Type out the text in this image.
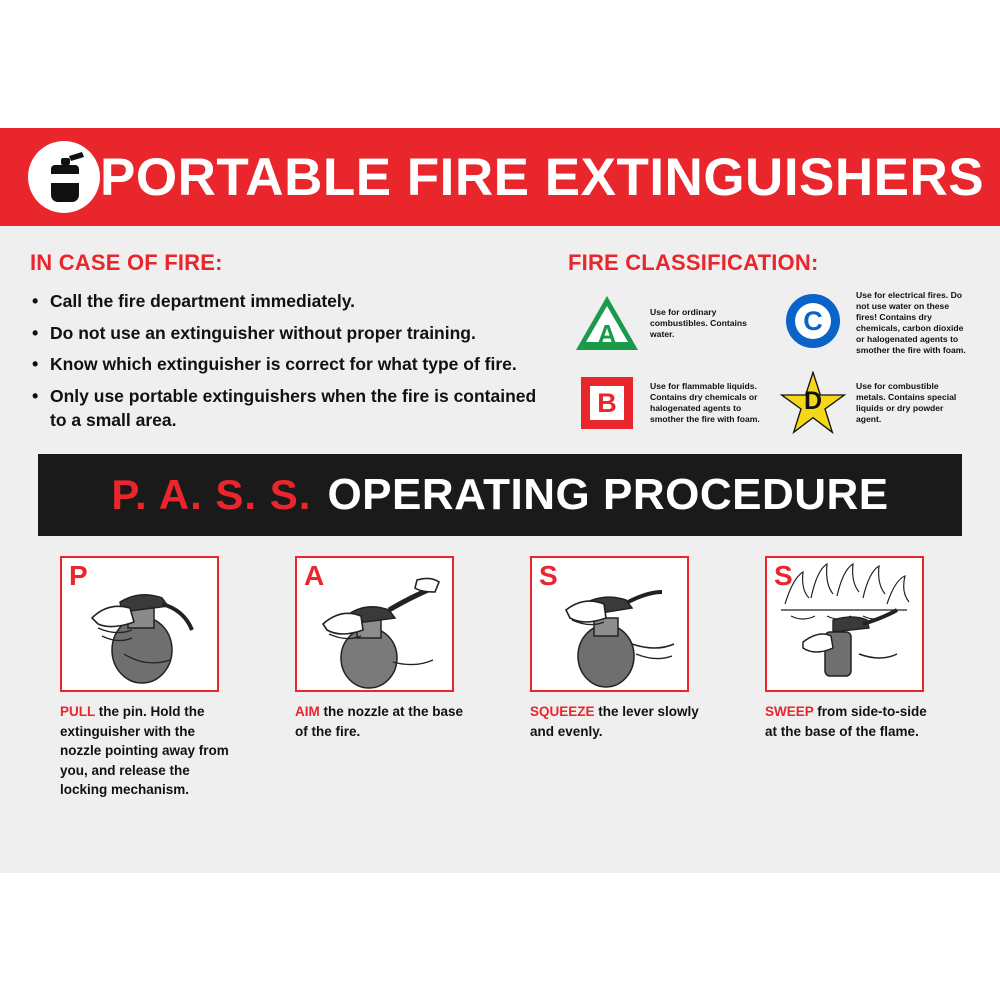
PORTABLE FIRE EXTINGUISHERS
IN CASE OF FIRE:
• Call the fire department immediately.
• Do not use an extinguisher without proper training.
• Know which extinguisher is correct for what type of fire.
• Only use portable extinguishers when the fire is contained to a small area.
FIRE CLASSIFICATION:
A
Use for ordinary combustibles. Contains water.	C
Use for electrical fires. Do not use water on these fires! Contains dry chemicals, carbon dioxide or halogenated agents to smother the fire with foam.
B
Use for flammable liquids. Contains dry chemicals or halogenated agents to smother the fire with foam.
D
Use for combustible metals. Contains special liquids or dry powder agent.
P. A. S. S. OPERATING PROCEDURE
P
PULL the pin. Hold the extinguisher with the nozzle pointing away from you, and release the locking mechanism.
A
AIM the nozzle at the base of the fire.
S
SQUEEZE the lever slowly and evenly.
S
SWEEP from side-to-side at the base of the flame.
